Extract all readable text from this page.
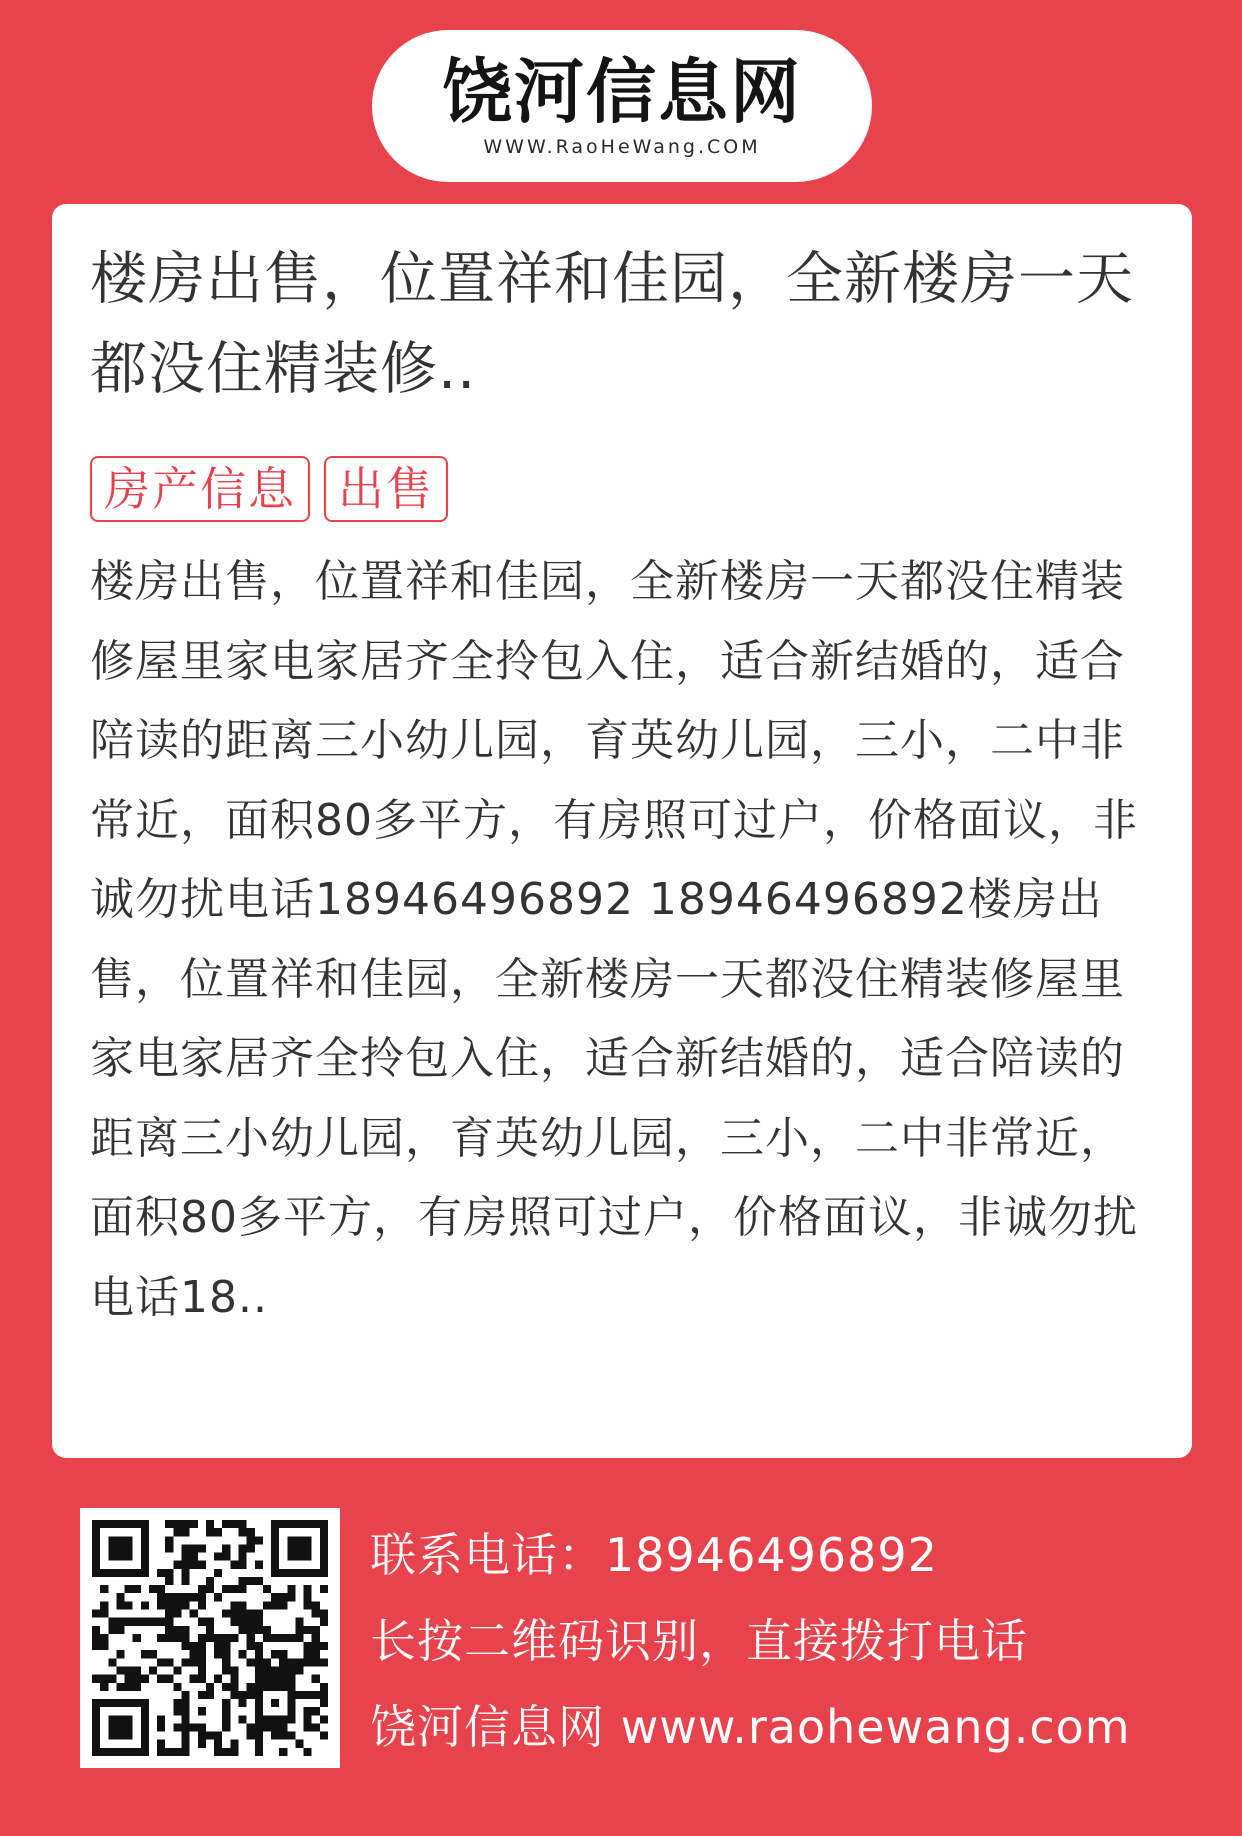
饶河信息网
WWW.RaoHeWang.COM
楼房出售，位置祥和佳园，全新楼房一天都没住精装修..
房产信息 出售
楼房出售，位置祥和佳园，全新楼房一天都没住精装修屋里家电家居齐全拎包入住，适合新结婚的，适合陪读的距离三小幼儿园，育英幼儿园，三小，二中非常近，面积80多平方，有房照可过户，价格面议，非诚勿扰电话18946496892 18946496892楼房出售，位置祥和佳园，全新楼房一天都没住精装修屋里家电家居齐全拎包入住，适合新结婚的，适合陪读的距离三小幼儿园，育英幼儿园，三小，二中非常近，面积80多平方，有房照可过户，价格面议，非诚勿扰电话18..
联系电话：18946496892
长按二维码识别，直接拨打电话
饶河信息网 www.raohewang.com
